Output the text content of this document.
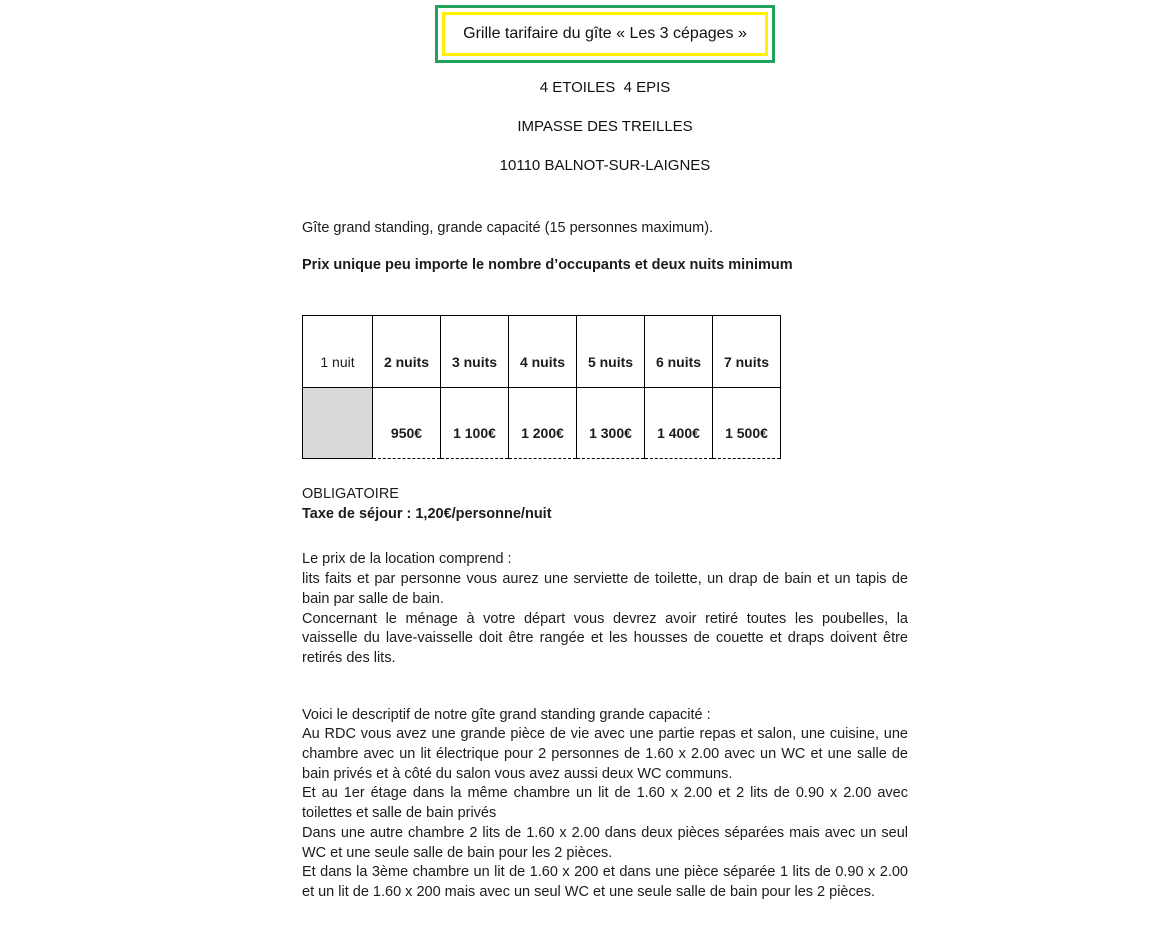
Grille tarifaire du gîte « Les 3 cépages »
4 ETOILES  4 EPIS
IMPASSE DES TREILLES
10110 BALNOT-SUR-LAIGNES

Gîte grand standing, grande capacité (15 personnes maximum).

Prix unique peu importe le nombre d’occupants et deux nuits minimum

1 nuit	2 nuits	3 nuits	4 nuits	5 nuits	6 nuits	7 nuits
	950€	1 100€	1 200€	1 300€	1 400€	1 500€

OBLIGATOIRE

Taxe de séjour : 1,20€/personne/nuit

Le prix de la location comprend :

lits faits et par personne vous aurez une serviette de toilette, un drap de bain et un tapis de bain par salle de bain.

Concernant le ménage à votre départ vous devrez avoir retiré toutes les poubelles, la vaisselle du lave-vaisselle doit être rangée et les housses de couette et draps doivent être retirés des lits.

Voici le descriptif de notre gîte grand standing grande capacité :

Au RDC vous avez une grande pièce de vie avec une partie repas et salon, une cuisine, une chambre avec un lit électrique pour 2 personnes de 1.60 x 2.00 avec un WC et une salle de bain privés et à côté du salon vous avez aussi deux WC communs.

Et au 1er étage dans la même chambre un lit de 1.60 x 2.00 et 2 lits de 0.90 x 2.00 avec toilettes et salle de bain privés

Dans une autre chambre 2 lits de 1.60 x 2.00 dans deux pièces séparées mais avec un seul WC et une seule salle de bain pour les 2 pièces.

Et dans la 3ème chambre un lit de 1.60 x 200 et dans une pièce séparée 1 lits de 0.90 x 2.00 et un lit de 1.60 x 200 mais avec un seul WC et une seule salle de bain pour les 2 pièces.
